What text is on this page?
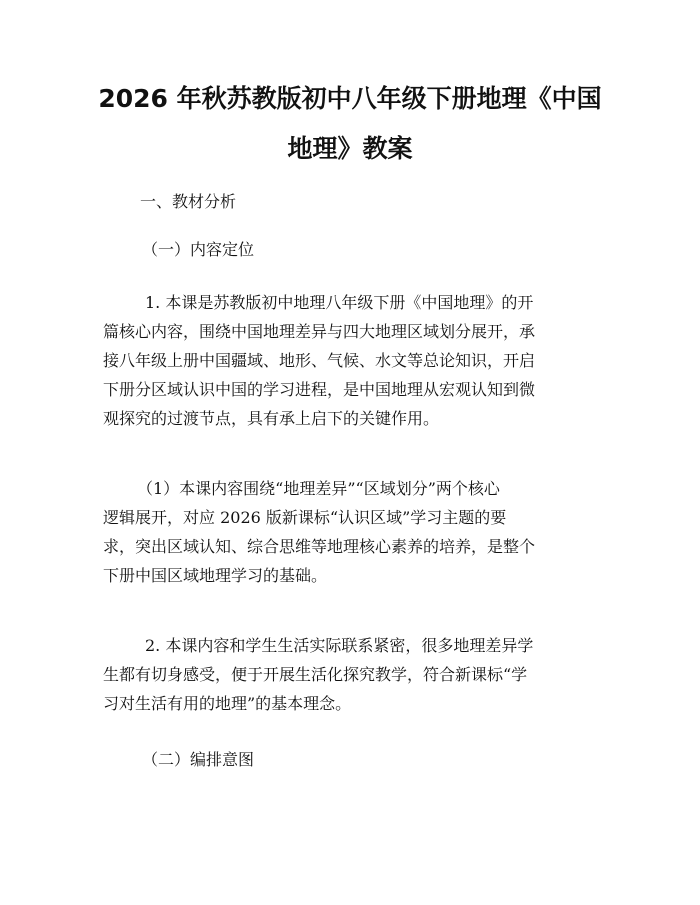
2026 年秋苏教版初中八年级下册地理《中国
地理》教案

一、教材分析

（一）内容定位

1. 本课是苏教版初中地理八年级下册《中国地理》的开
篇核心内容，围绕中国地理差异与四大地理区域划分展开，承
接八年级上册中国疆域、地形、气候、水文等总论知识，开启
下册分区域认识中国的学习进程，是中国地理从宏观认知到微
观探究的过渡节点，具有承上启下的关键作用。

（1）本课内容围绕“地理差异”“区域划分”两个核心
逻辑展开，对应 2026 版新课标“认识区域”学习主题的要
求，突出区域认知、综合思维等地理核心素养的培养，是整个
下册中国区域地理学习的基础。

2. 本课内容和学生生活实际联系紧密，很多地理差异学
生都有切身感受，便于开展生活化探究教学，符合新课标“学
习对生活有用的地理”的基本理念。

（二）编排意图
